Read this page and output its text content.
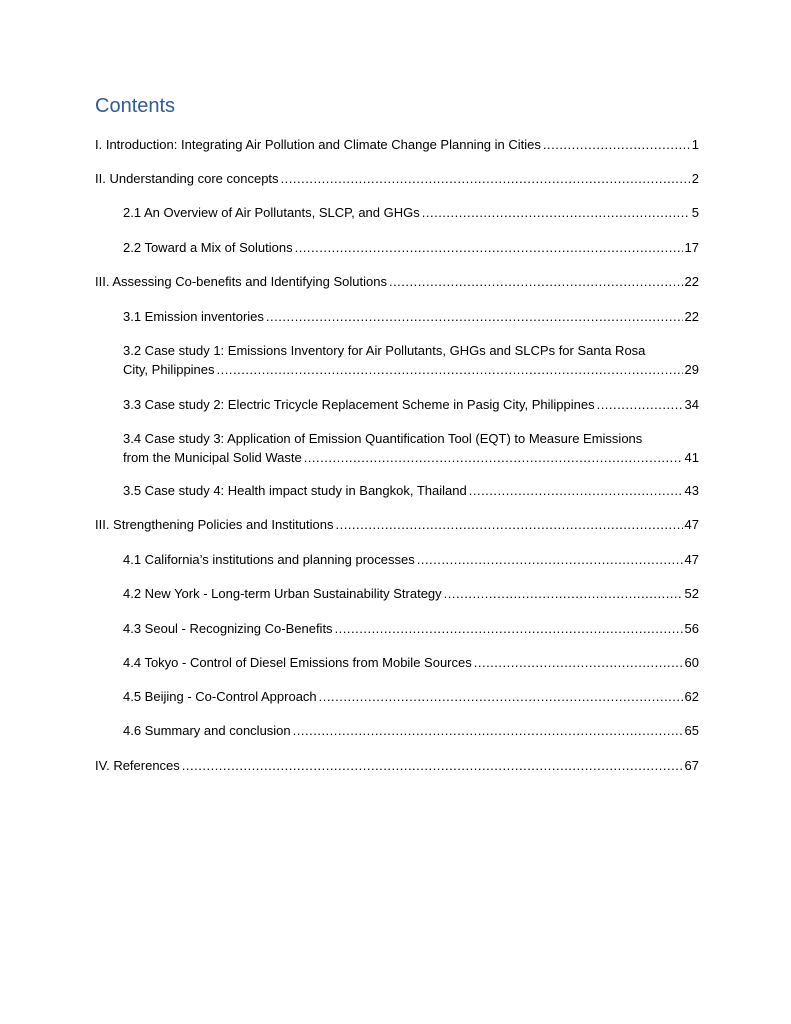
Contents
I. Introduction: Integrating Air Pollution and Climate Change Planning in Cities .....	1
II. Understanding core concepts .....	2
2.1 An Overview of Air Pollutants, SLCP, and GHGs .....	5
2.2 Toward a Mix of Solutions .....	17
III. Assessing Co-benefits and Identifying Solutions .....	22
3.1 Emission inventories .....	22
3.2 Case study 1: Emissions Inventory for Air Pollutants, GHGs and SLCPs for Santa Rosa
City, Philippines .....	29
3.3 Case study 2: Electric Tricycle Replacement Scheme in Pasig City, Philippines .....	34
3.4 Case study 3: Application of Emission Quantification Tool (EQT) to Measure Emissions
from the Municipal Solid Waste .....	41
3.5 Case study 4: Health impact study in Bangkok, Thailand .....	43
III. Strengthening Policies and Institutions .....	47
4.1 California’s institutions and planning processes .....	47
4.2 New York - Long-term Urban Sustainability Strategy .....	52
4.3 Seoul - Recognizing Co-Benefits .....	56
4.4 Tokyo - Control of Diesel Emissions from Mobile Sources .....	60
4.5 Beijing - Co-Control Approach .....	62
4.6 Summary and conclusion .....	65
IV. References .....	67
